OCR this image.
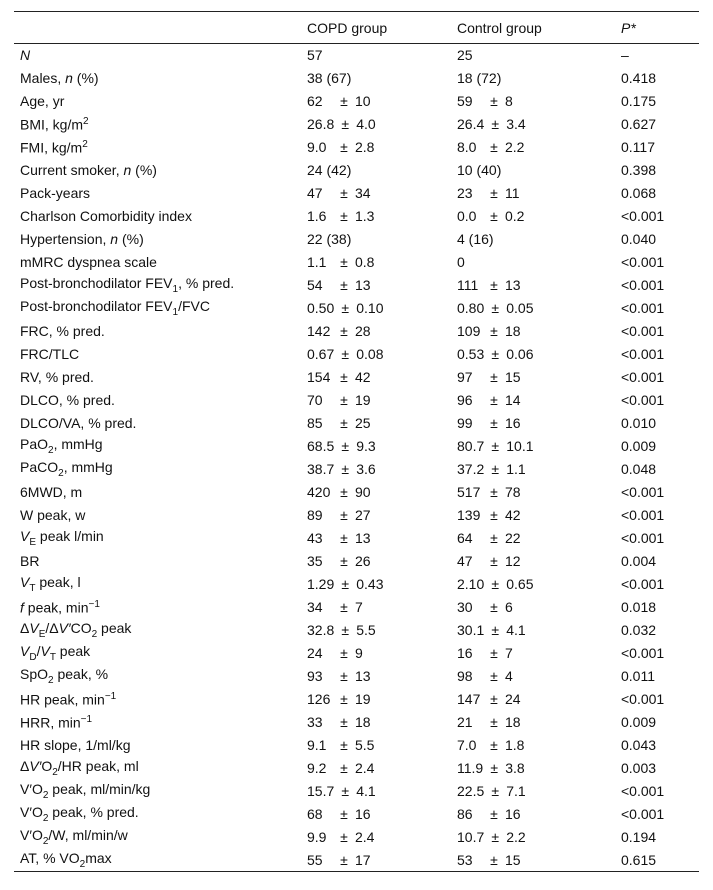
	COPD group	Control group	P*
N	57	25	–
Males, n (%)	38 (67)	18 (72)	0.418
Age, yr	62 ± 10	59 ± 8	0.175
BMI, $kg/m^2$	26.8 ± 4.0	26.4 ± 3.4	0.627
FMI, $kg/m^2$	9.0 ± 2.8	8.0 ± 2.2	0.117
Current smoker, n (%)	24 (42)	10 (40)	0.398
Pack-years	47 ± 34	23 ± 11	0.068
Charlson Comorbidity index	1.6 ± 1.3	0.0 ± 0.2	<0.001
Hypertension, n (%)	22 (38)	4 (16)	0.040
mMRC dyspnea scale	1.1 ± 0.8	0	<0.001
Post-bronchodilator $FEV_1$, % pred.	54 ± 13	111 ± 13	<0.001
Post-bronchodilator $FEV_1$/FVC	0.50 ± 0.10	0.80 ± 0.05	<0.001
FRC, % pred.	142 ± 28	109 ± 18	<0.001
FRC/TLC	0.67 ± 0.08	0.53 ± 0.06	<0.001
RV, % pred.	154 ± 42	97 ± 15	<0.001
DLCO, % pred.	70 ± 19	96 ± 14	<0.001
DLCO/VA, % pred.	85 ± 25	99 ± 16	0.010
PaO$_2$, mmHg	68.5 ± 9.3	80.7 ± 10.1	0.009
PaCO$_2$, mmHg	38.7 ± 3.6	37.2 ± 1.1	0.048
6MWD, m	420 ± 90	517 ± 78	<0.001
W peak, w	89 ± 27	139 ± 42	<0.001
$V_E$ peak l/min	43 ± 13	64 ± 22	<0.001
BR	35 ± 26	47 ± 12	0.004
$V_T$ peak, l	1.29 ± 0.43	2.10 ± 0.65	<0.001
f peak, $\min^{-1}$	34 ± 7	30 ± 6	0.018
$\Delta V_E/\Delta V'CO_2$ peak	32.8 ± 5.5	30.1 ± 4.1	0.032
$V_D/V_T$ peak	24 ± 9	16 ± 7	<0.001
SpO$_2$ peak, %	93 ± 13	98 ± 4	0.011
HR peak, $\min^{-1}$	126 ± 19	147 ± 24	<0.001
HRR, $\min^{-1}$	33 ± 18	21 ± 18	0.009
HR slope, 1/ml/kg	9.1 ± 5.5	7.0 ± 1.8	0.043
$\Delta V'O_2/HR$ peak, ml	9.2 ± 2.4	11.9 ± 3.8	0.003
$V'O_2$ peak, ml/min/kg	15.7 ± 4.1	22.5 ± 7.1	<0.001
$V'O_2$ peak, % pred.	68 ± 16	86 ± 16	<0.001
$V'O_2/W$, ml/min/w	9.9 ± 2.4	10.7 ± 2.2	0.194
AT, % $VO_2\max$	55 ± 17	53 ± 15	0.615
